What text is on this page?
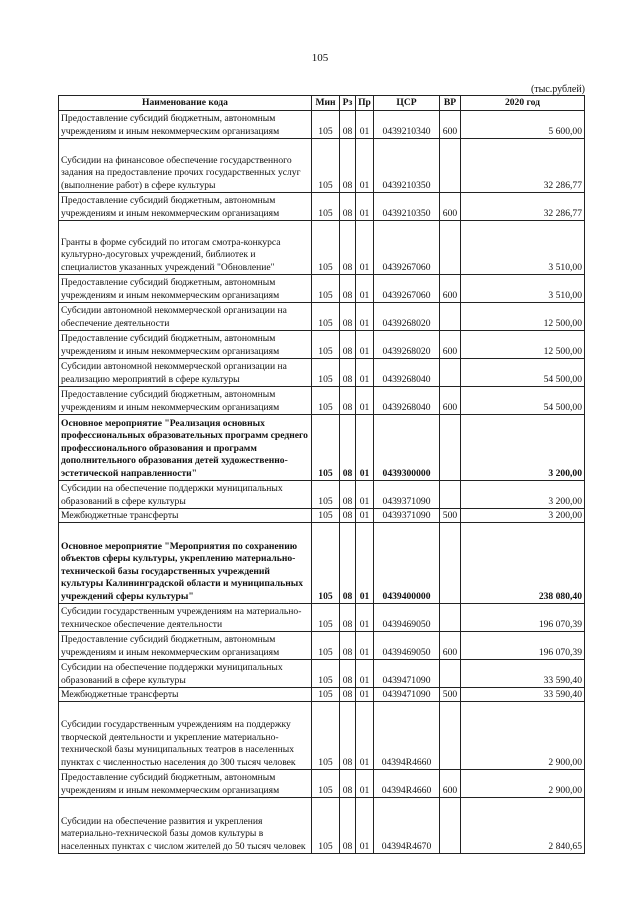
105
(тыс.рублей)
Наименование кода	Мин	Рз	Пр	ЦСР	ВР	2020 год
Предоставление субсидий бюджетным, автономным учреждениям и иным некоммерческим организациям	105	08	01	0439210340	600	5 600,00
Субсидии на финансовое обеспечение государственного задания на предоставление прочих государственных услуг (выполнение работ) в сфере культуры	105	08	01	0439210350		32 286,77
Предоставление субсидий бюджетным, автономным учреждениям и иным некоммерческим организациям	105	08	01	0439210350	600	32 286,77
Гранты в форме субсидий по итогам смотра-конкурса культурно-досуговых учреждений, библиотек и специалистов указанных учреждений "Обновление"	105	08	01	0439267060		3 510,00
Предоставление субсидий бюджетным, автономным учреждениям и иным некоммерческим организациям	105	08	01	0439267060	600	3 510,00
Субсидии автономной некоммерческой организации на обеспечение деятельности	105	08	01	0439268020		12 500,00
Предоставление субсидий бюджетным, автономным учреждениям и иным некоммерческим организациям	105	08	01	0439268020	600	12 500,00
Субсидии автономной некоммерческой организации на реализацию мероприятий в сфере культуры	105	08	01	0439268040		54 500,00
Предоставление субсидий бюджетным, автономным учреждениям и иным некоммерческим организациям	105	08	01	0439268040	600	54 500,00
Основное мероприятие "Реализация основных профессиональных образовательных программ среднего профессионального образования и программ дополнительного образования детей художественно-эстетической направленности"	105	08	01	0439300000		3 200,00
Субсидии на обеспечение поддержки муниципальных образований в сфере культуры	105	08	01	0439371090		3 200,00
Межбюджетные трансферты	105	08	01	0439371090	500	3 200,00
Основное мероприятие "Мероприятия по сохранению объектов сферы культуры, укреплению материально-технической базы государственных учреждений культуры Калининградской области и муниципальных учреждений сферы культуры"	105	08	01	0439400000		238 080,40
Субсидии государственным учреждениям на материально-техническое обеспечение деятельности	105	08	01	0439469050		196 070,39
Предоставление субсидий бюджетным, автономным учреждениям и иным некоммерческим организациям	105	08	01	0439469050	600	196 070,39
Субсидии на обеспечение поддержки муниципальных образований в сфере культуры	105	08	01	0439471090		33 590,40
Межбюджетные трансферты	105	08	01	0439471090	500	33 590,40
Субсидии государственным учреждениям на поддержку творческой деятельности и укрепление материально-технической базы муниципальных театров в населенных пунктах с численностью населения до 300 тысяч человек	105	08	01	04394R4660		2 900,00
Предоставление субсидий бюджетным, автономным учреждениям и иным некоммерческим организациям	105	08	01	04394R4660	600	2 900,00
Субсидии на обеспечение развития и укрепления материально-технической базы домов культуры в населенных пунктах с числом жителей до 50 тысяч человек	105	08	01	04394R4670		2 840,65
